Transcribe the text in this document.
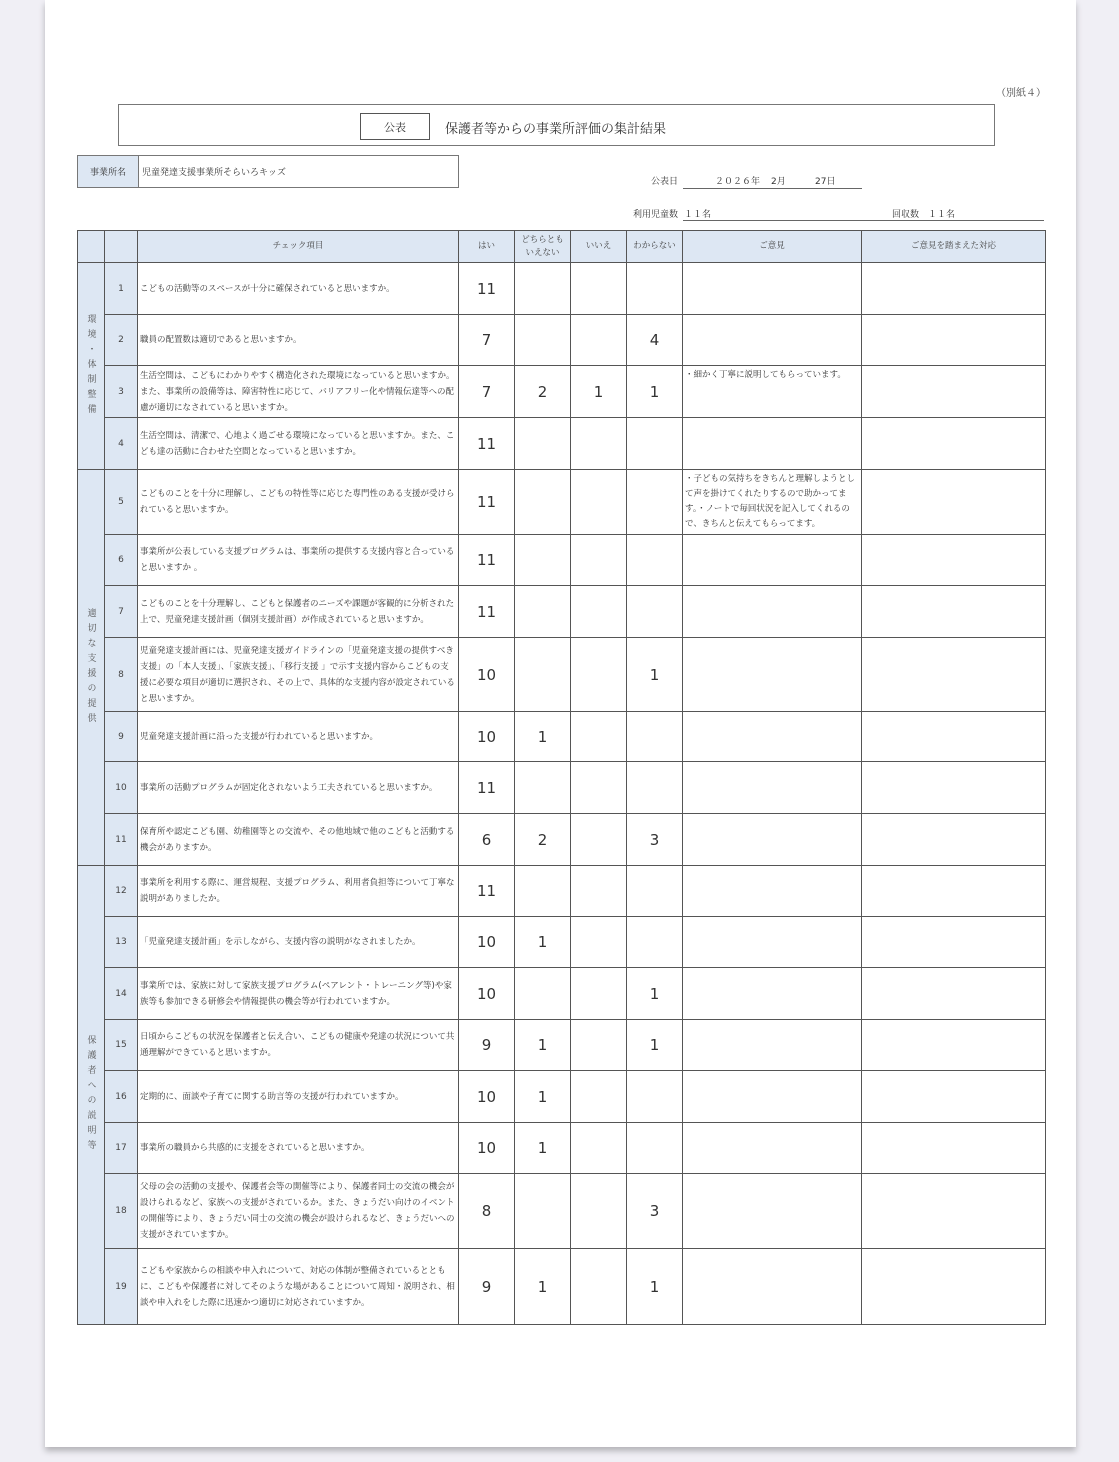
（別紙４）
公表	保護者等からの事業所評価の集計結果
事業所名	児童発達支援事業所そらいろキッズ
公表日	２０２６年 2月	27日
利用児童数 １１名	回収数 １１名
		チェック項目	はい	どちらとも いえない	いいえ	わからない	ご意見	ご意見を踏まえた対応
環境・体制整備	1	こどもの活動等のスペースが十分に確保されていると思いますか。	11					
	2	職員の配置数は適切であると思いますか。	7			4		
	3	生活空間は、こどもにわかりやすく構造化された環境になっていると思いますか。また、事業所の設備等は、障害特性に応じて、バリアフリー化や情報伝達等への配慮が適切になされていると思いますか。	7	2	1	1	・細かく丁寧に説明してもらっています。	
	4	生活空間は、清潔で、心地よく過ごせる環境になっていると思いますか。また、こども達の活動に合わせた空間となっていると思いますか。	11					
適切な支援の提供	5	こどものことを十分に理解し、こどもの特性等に応じた専門性のある支援が受けられていると思いますか。	11				・子どもの気持ちをきちんと理解しようとして声を掛けてくれたりするので助かってます。・ノートで毎回状況を記入してくれるので、きちんと伝えてもらってます。	
	6	事業所が公表している支援プログラムは、事業所の提供する支援内容と合っていると思いますか 。	11					
	7	こどものことを十分理解し、こどもと保護者のニーズや課題が客観的に分析された上で、児童発達支援計画（個別支援計画）が作成されていると思いますか。	11					
	8	児童発達支援計画には、児童発達支援ガイドラインの「児童発達支援の提供すべき支援」の「本人支援」、「家族支援」、「移行支援 」で示す支援内容からこどもの支援に必要な項目が適切に選択され、その上で、具体的な支援内容が設定されていると思いますか。	10			1		
	9	児童発達支援計画に沿った支援が行われていると思いますか。	10	1				
	10	事業所の活動プログラムが固定化されないよう工夫されていると思いますか。	11					
	11	保育所や認定こども園、幼稚園等との交流や、その他地域で他のこどもと活動する機会がありますか。	6	2		3		
保護者への説明等	12	事業所を利用する際に、運営規程、支援プログラム、利用者負担等について丁寧な説明がありましたか。	11					
	13	「児童発達支援計画」を示しながら、支援内容の説明がなされましたか。	10	1				
	14	事業所では、家族に対して家族支援プログラム(ペアレント・トレーニング等)や家族等も参加できる研修会や情報提供の機会等が行われていますか。	10			1		
	15	日頃からこどもの状況を保護者と伝え合い、こどもの健康や発達の状況について共通理解ができていると思いますか。	9	1		1		
	16	定期的に、面談や子育てに関する助言等の支援が行われていますか。	10	1				
	17	事業所の職員から共感的に支援をされていると思いますか。	10	1				
	18	父母の会の活動の支援や、保護者会等の開催等により、保護者同士の交流の機会が設けられるなど、家族への支援がされているか。また、きょうだい向けのイベントの開催等により、きょうだい同士の交流の機会が設けられるなど、きょうだいへの支援がされていますか。	8			3		
	19	こどもや家族からの相談や申入れについて、対応の体制が整備されているとともに、こどもや保護者に対してそのような場があることについて周知・説明され、相談や申入れをした際に迅速かつ適切に対応されていますか。	9	1		1		
